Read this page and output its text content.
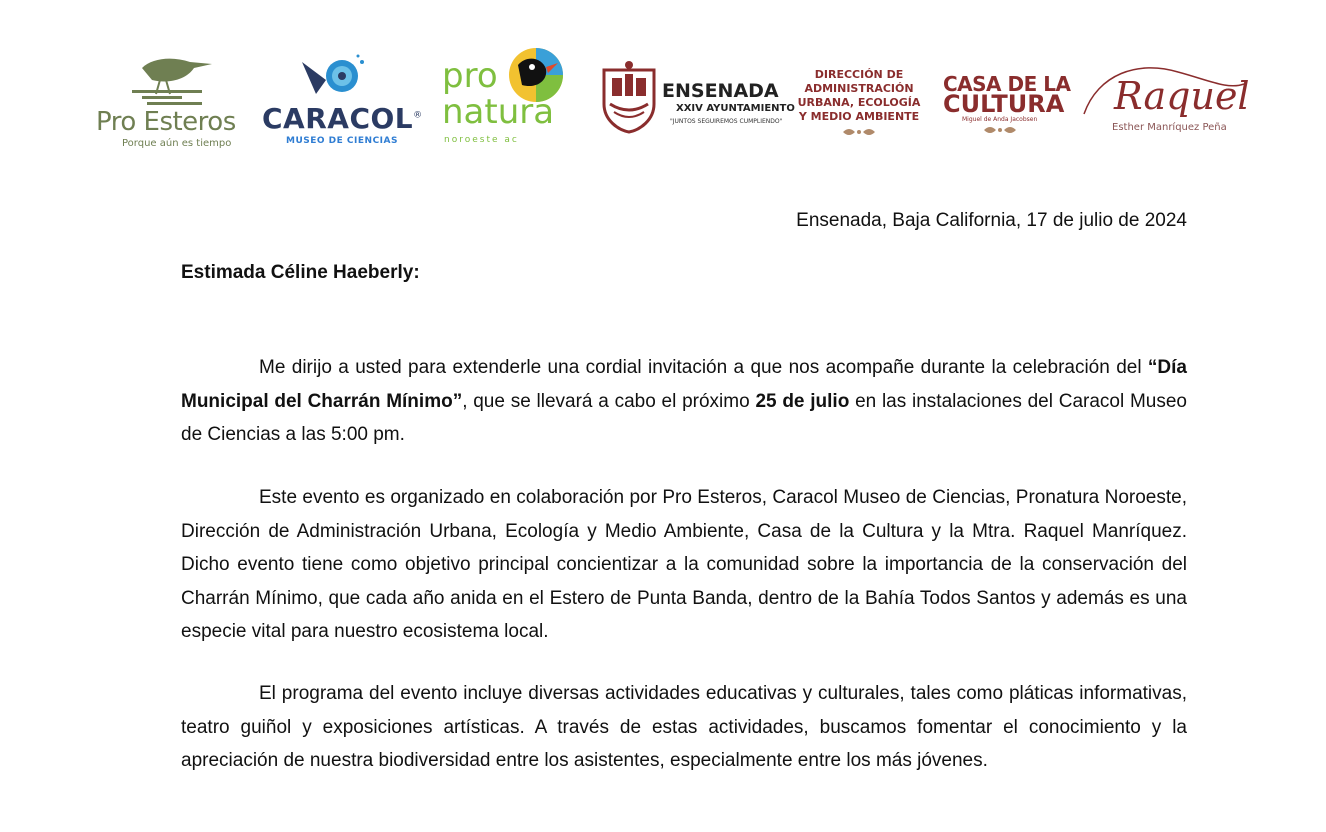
Pro Esteros
Porque aún es tiempo
CARACOL®
MUSEO DE CIENCIAS
pro
natura
noroeste ac
ENSENADA
XXIV AYUNTAMIENTO
"JUNTOS SEGUIREMOS CUMPLIENDO"
DIRECCIÓN DE
ADMINISTRACIÓN
URBANA, ECOLOGÍA
Y MEDIO AMBIENTE
CASA DE LA
CULTURA
Miguel de Anda Jacobsen
Raquel
Esther Manríquez Peña
Ensenada, Baja California, 17 de julio de 2024
Estimada Céline Haeberly:

Me dirijo a usted para extenderle una cordial invitación a que nos acompañe durante la celebración del “Día Municipal del Charrán Mínimo”, que se llevará a cabo el próximo 25 de julio en las instalaciones del Caracol Museo de Ciencias a las 5:00 pm.

Este evento es organizado en colaboración por Pro Esteros, Caracol Museo de Ciencias, Pronatura Noroeste, Dirección de Administración Urbana, Ecología y Medio Ambiente, Casa de la Cultura y la Mtra. Raquel Manríquez. Dicho evento tiene como objetivo principal concientizar a la comunidad sobre la importancia de la conservación del Charrán Mínimo, que cada año anida en el Estero de Punta Banda, dentro de la Bahía Todos Santos y además es una especie vital para nuestro ecosistema local.

El programa del evento incluye diversas actividades educativas y culturales, tales como pláticas informativas, teatro guiñol y exposiciones artísticas. A través de estas actividades, buscamos fomentar el conocimiento y la apreciación de nuestra biodiversidad entre los asistentes, especialmente entre los más jóvenes.
